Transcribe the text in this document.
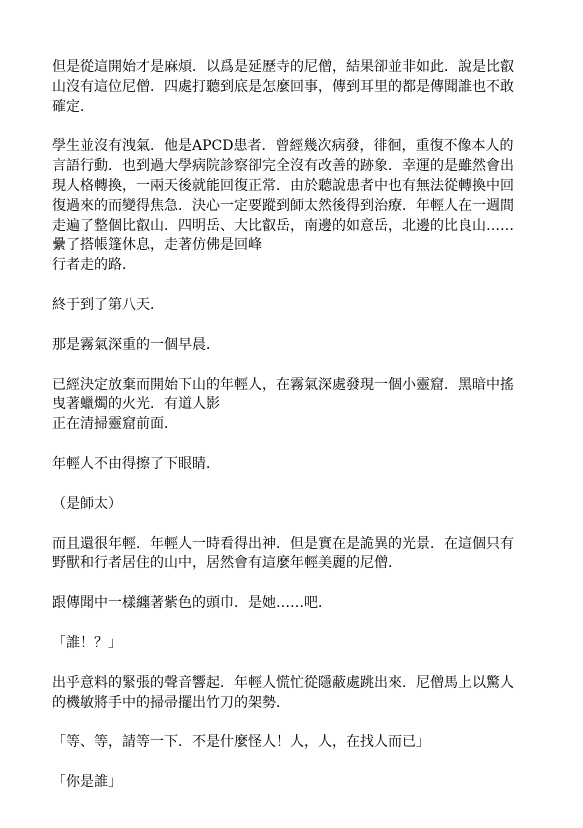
但是從這開始才是麻煩．以爲是延歷寺的尼僧，結果卻並非如此．說是比叡山沒有這位尼僧．四處打聽到底是怎麼回事，傳到耳里的都是傳聞誰也不敢確定．

學生並沒有洩氣．他是APCD患者．曾經幾次病發，徘徊，重復不像本人的言語行動．也到過大學病院診察卻完全沒有改善的跡象．幸運的是雖然會出現人格轉換，一兩天後就能回復正常．由於聽說患者中也有無法從轉換中回復過來的而變得焦急．決心一定要蹤到師太然後得到治療．年輕人在一週間走遍了整個比叡山．四明岳、大比叡岳，南邊的如意岳，北邊的比良山……纍了搭帳篷休息，走著仿佛是回峰
行者走的路．

終于到了第八天．

那是霧氣深重的一個早晨．

已經決定放棄而開始下山的年輕人，在霧氣深處發現一個小靈窟．黑暗中搖曳著蠟燭的火光．有道人影
正在清掃靈窟前面．

年輕人不由得擦了下眼睛．

（是師太）

而且還很年輕．年輕人一時看得出神．但是實在是詭異的光景．在這個只有野獸和行者居住的山中，居然會有這麼年輕美麗的尼僧．

跟傳聞中一樣纏著紫色的頭巾．是她……吧．

「誰！？」

出乎意料的緊張的聲音響起．年輕人慌忙從隱蔽處跳出來．尼僧馬上以驚人的機敏將手中的掃帚擺出竹刀的架勢．

「等、等，請等一下．不是什麼怪人！人，人，在找人而已」

「你是誰」
